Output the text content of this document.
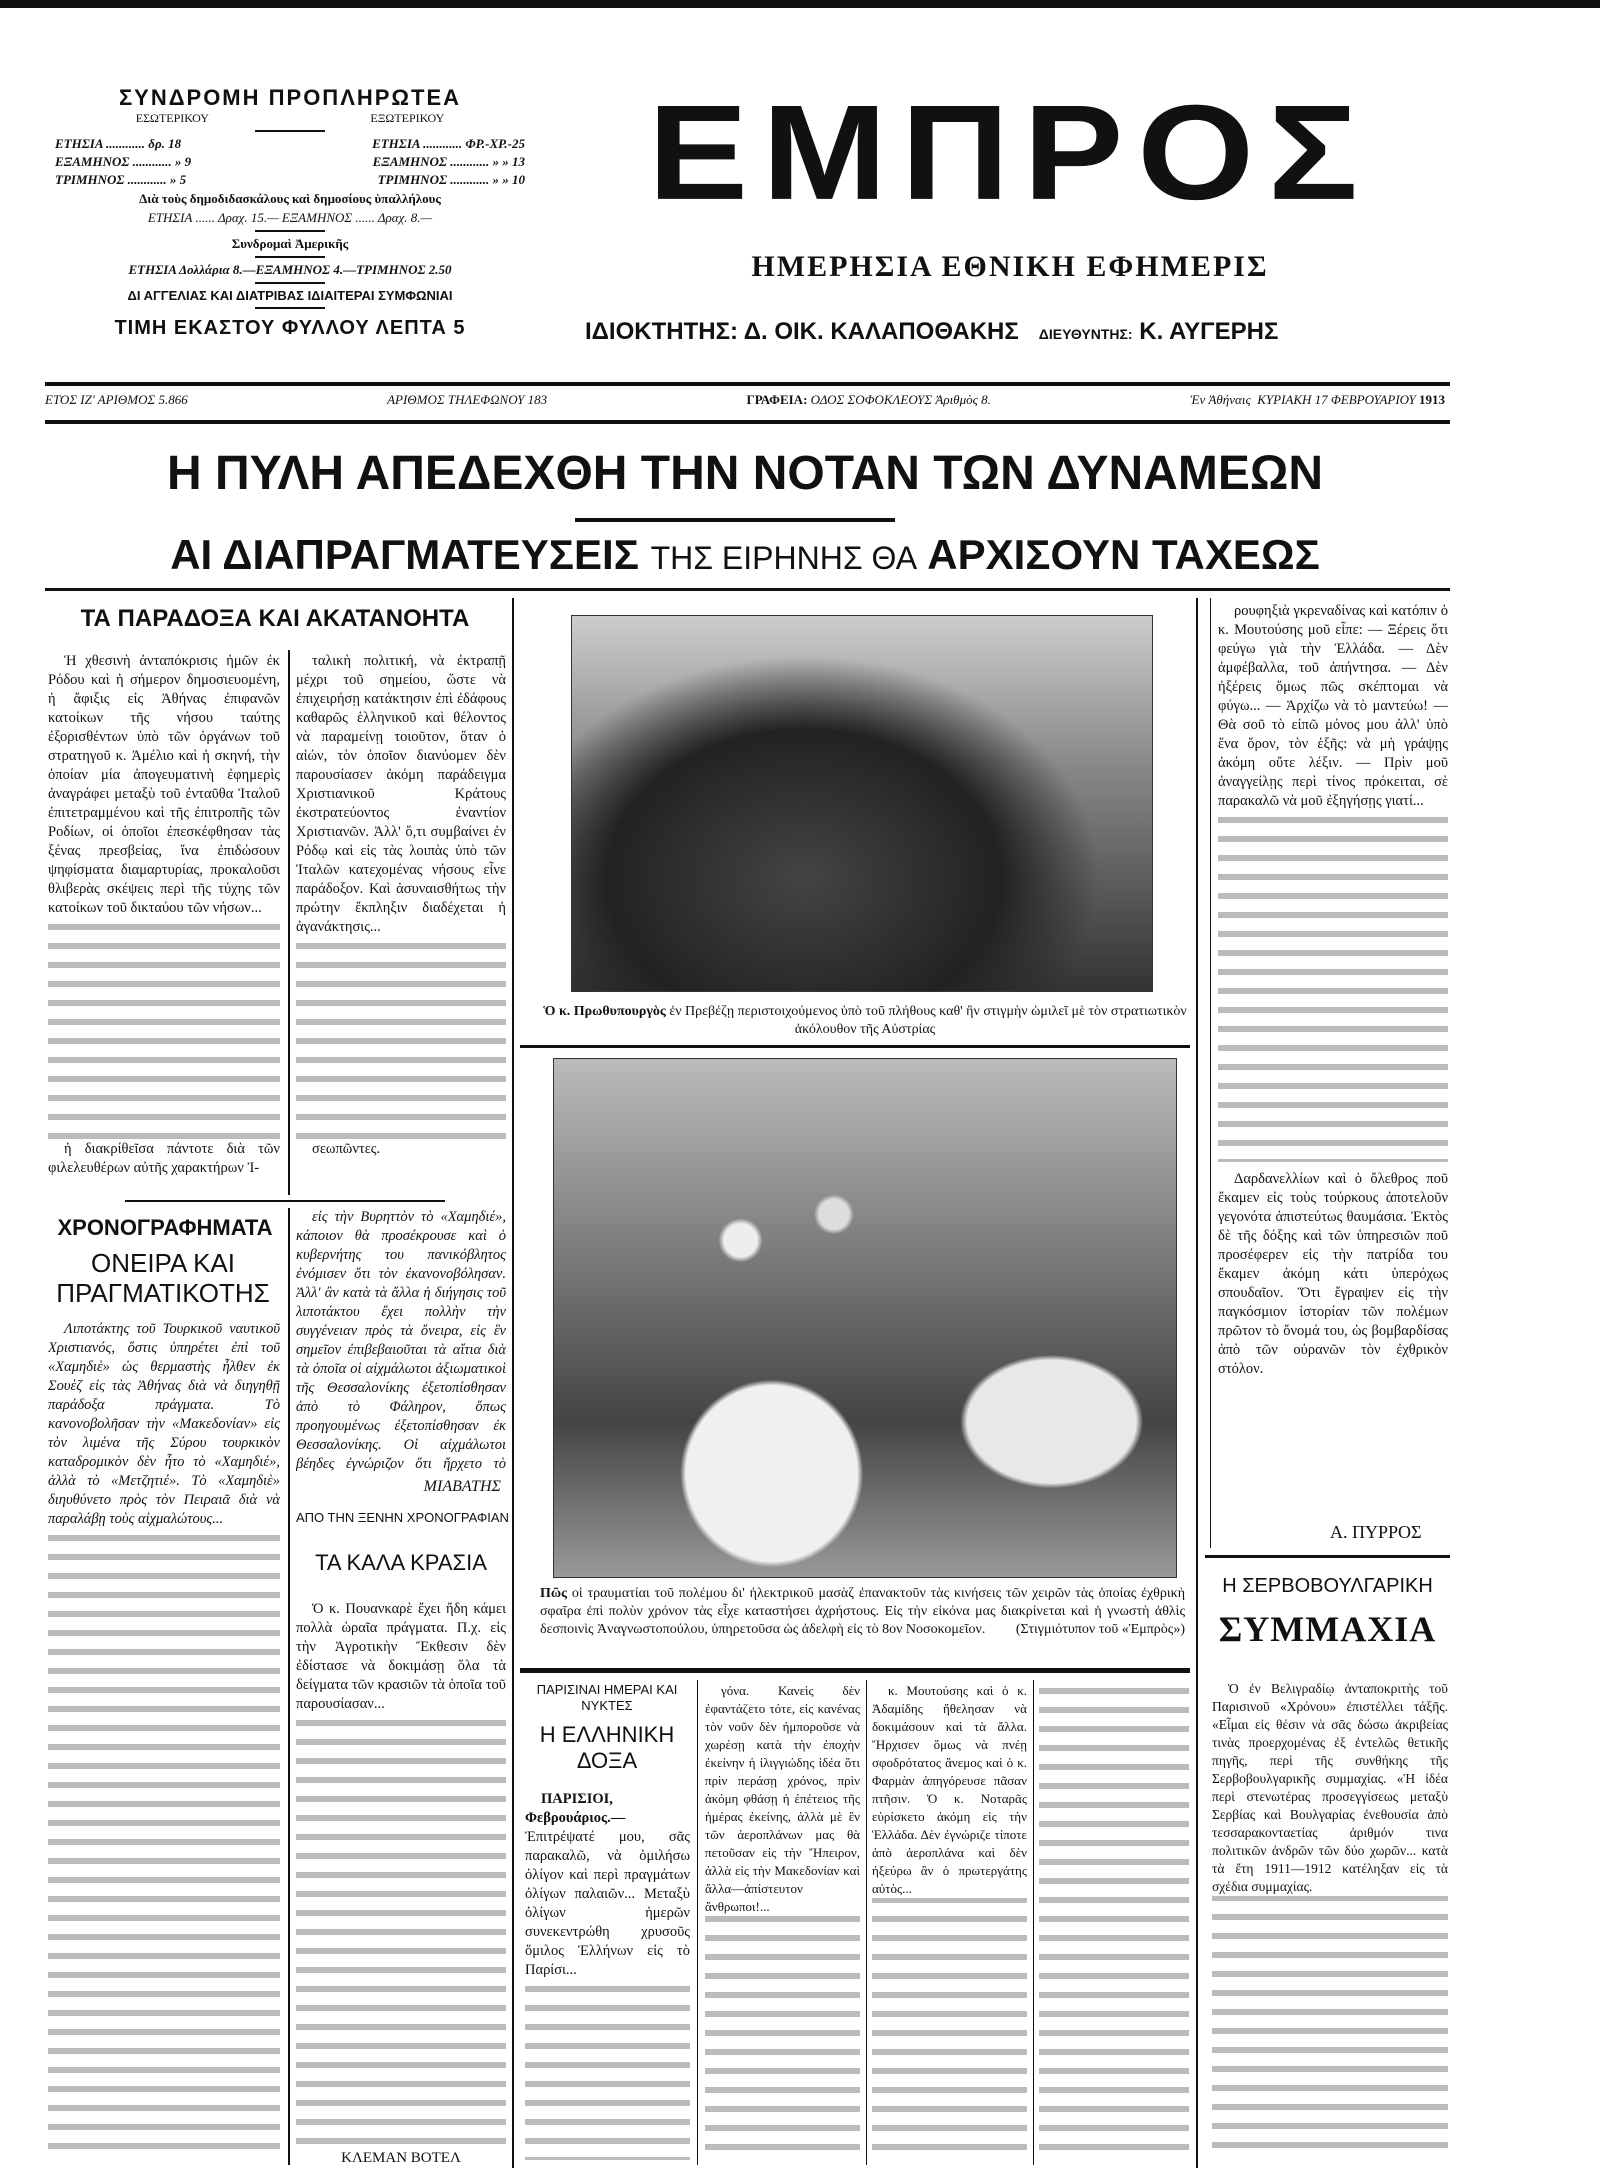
ΣΥΝΔΡΟΜΗ ΠΡΟΠΛΗΡΩΤΕΑ
ΕΣΩΤΕΡΙΚΟΥ	ΕΞΩΤΕΡΙΚΟΥ
ΕΤΗΣΙΑ ............ δρ. 18	ΕΤΗΣΙΑ ............ ΦΡ.-ΧΡ.-25
ΕΞΑΜΗΝΟΣ ............ » 9	ΕΞΑΜΗΝΟΣ ............ » » 13
ΤΡΙΜΗΝΟΣ ............ » 5	ΤΡΙΜΗΝΟΣ ............ » » 10
Διὰ τοὺς δημοδιδασκάλους καὶ δημοσίους ὑπαλλήλους
ΕΤΗΣΙΑ ...... Δραχ. 15.— ΕΞΑΜΗΝΟΣ ...... Δραχ. 8.—
Συνδρομαὶ Ἀμερικῆς
ΕΤΗΣΙΑ Δολλάρια 8.—ΕΞΑΜΗΝΟΣ 4.—ΤΡΙΜΗΝΟΣ 2.50
ΔΙ ΑΓΓΕΛΙΑΣ ΚΑΙ ΔΙΑΤΡΙΒΑΣ ΙΔΙΑΙΤΕΡΑΙ ΣΥΜΦΩΝΙΑΙ
ΤΙΜΗ ΕΚΑΣΤΟΥ ΦΥΛΛΟΥ ΛΕΠΤΑ 5
ΕΜΠΡΟΣ
ΗΜΕΡΗΣΙΑ ΕΘΝΙΚΗ ΕΦΗΜΕΡΙΣ
ΙΔΙΟΚΤΗΤΗΣ: Δ. ΟΙΚ. ΚΑΛΑΠΟΘΑΚΗΣ ΔΙΕΥΘΥΝΤΗΣ: Κ. ΑΥΓΕΡΗΣ
ΕΤΟΣ ΙΖ' ΑΡΙΘΜΟΣ 5.866	ΑΡΙΘΜΟΣ ΤΗΛΕΦΩΝΟΥ 183	ΓΡΑΦΕΙΑ: ΟΔΟΣ ΣΟΦΟΚΛΕΟΥΣ Ἀριθμὸς 8.	Ἐν Ἀθήναις ΚΥΡΙΑΚΗ 17 ΦΕΒΡΟΥΑΡΙΟΥ 1913
Η ΠΥΛΗ ΑΠΕΔΕΧΘΗ ΤΗΝ ΝΟΤΑΝ ΤΩΝ ΔΥΝΑΜΕΩΝ
ΑΙ ΔΙΑΠΡΑΓΜΑΤΕΥΣΕΙΣ ΤΗΣ ΕΙΡΗΝΗΣ ΘΑ ΑΡΧΙΣΟΥΝ ΤΑΧΕΩΣ
ΤΑ ΠΑΡΑΔΟΞΑ ΚΑΙ ΑΚΑΤΑΝΟΗΤΑ

Ἡ χθεσινὴ ἀνταπόκρισις ἡμῶν ἐκ Ρόδου καὶ ἡ σήμερον δημοσιευομένη, ἡ ἄφιξις εἰς Ἀθήνας ἐπιφανῶν κατοίκων τῆς νήσου ταύτης ἐξορισθέντων ὑπὸ τῶν ὀργάνων τοῦ στρατηγοῦ κ. Ἀμέλιο καὶ ἡ σκηνή, τὴν ὁποίαν μία ἀπογευματινὴ ἐφημερὶς ἀναγράφει μεταξὺ τοῦ ἐνταῦθα Ἰταλοῦ ἐπιτετραμμένου καὶ τῆς ἐπιτροπῆς τῶν Ροδίων, οἱ ὁποῖοι ἐπεσκέφθησαν τὰς ξένας πρεσβείας, ἵνα ἐπιδώσουν ψηφίσματα διαμαρτυρίας, προκαλοῦσι θλιβερὰς σκέψεις περὶ τῆς τύχης τῶν κατοίκων τοῦ δικταύου τῶν νήσων...

ταλικὴ πολιτική, νὰ ἐκτραπῇ μέχρι τοῦ σημείου, ὥστε νὰ ἐπιχειρήσῃ κατάκτησιν ἐπὶ ἐδάφους καθαρῶς ἑλληνικοῦ καὶ θέλοντος νὰ παραμείνῃ τοιοῦτον, ὅταν ὁ αἰών, τὸν ὁποῖον διανύομεν δὲν παρουσίασεν ἀκόμη παράδειγμα Χριστιανικοῦ Κράτους ἐκστρατεύοντος ἐναντίον Χριστιανῶν. Ἀλλ' ὅ,τι συμβαίνει ἐν Ρόδῳ καὶ εἰς τὰς λοιπὰς ὑπὸ τῶν Ἰταλῶν κατεχομένας νήσους εἶνε παράδοξον. Καὶ ἀσυναισθήτως τὴν πρώτην ἔκπληξιν διαδέχεται ἡ ἀγανάκτησις...

ἡ διακρίθεῖσα πάντοτε διὰ τῶν φιλελευθέρων αὐτῆς χαρακτήρων Ἰ-

σεωπῶντες.

ΧΡΟΝΟΓΡΑΦΗΜΑΤΑ
ΟΝΕΙΡΑ ΚΑΙ ΠΡΑΓΜΑΤΙΚΟΤΗΣ

Λιποτάκτης τοῦ Τουρκικοῦ ναυτικοῦ Χριστιανός, ὅστις ὑπηρέτει ἐπὶ τοῦ «Χαμηδιὲ» ὡς θερμαστὴς ἦλθεν ἐκ Σουὲζ εἰς τὰς Ἀθήνας διὰ νὰ διηγηθῇ παράδοξα πράγματα. Τὸ κανονοβολῆσαν τὴν «Μακεδονίαν» εἰς τὸν λιμένα τῆς Σύρου τουρκικὸν καταδρομικὸν δὲν ἦτο τὸ «Χαμηδιέ», ἀλλὰ τὸ «Μετζητιέ». Τὸ «Χαμηδιὲ» διηυθύνετο πρὸς τὸν Πειραιᾶ διὰ νὰ παραλάβῃ τοὺς αἰχμαλώτους...

εἰς τὴν Βυρηττὸν τὸ «Χαμηδιέ», κάποιον θὰ προσέκρουσε καὶ ὁ κυβερνήτης του πανικόβλητος ἐνόμισεν ὅτι τὸν ἐκανονοβόλησαν. Ἀλλ' ἂν κατὰ τὰ ἄλλα ἡ διήγησις τοῦ λιποτάκτου ἔχει πολλὴν τὴν συγγένειαν πρὸς τὰ ὄνειρα, εἰς ἓν σημεῖον ἐπιβεβαιοῦται τὰ αἴτια διὰ τὰ ὁποῖα οἱ αἰχμάλωτοι ἀξιωματικοὶ τῆς Θεσσαλονίκης ἐξετοπίσθησαν ἀπὸ τὸ Φάληρον, ὅπως προηγουμένως ἐξετοπίσθησαν ἐκ Θεσσαλονίκης. Οἱ αἰχμάλωτοι βέηδες ἐγνώριζον ὅτι ἤρχετο τὸ

ΜΙΑΒΑΤΗΣ
ΑΠΟ ΤΗΝ ΞΕΝΗΝ ΧΡΟΝΟΓΡΑΦΙΑΝ
ΤΑ ΚΑΛΑ ΚΡΑΣΙΑ

Ὁ κ. Πουανκαρὲ ἔχει ἤδη κάμει πολλὰ ὡραῖα πράγματα. Π.χ. εἰς τὴν Ἀγροτικὴν Ἔκθεσιν δὲν ἐδίστασε νὰ δοκιμάσῃ ὅλα τὰ δείγματα τῶν κρασιῶν τὰ ὁποῖα τοῦ παρουσίασαν...

ΚΛΕΜΑΝ ΒΟΤΕΛ
Ὁ κ. Πρωθυπουργὸς ἐν Πρεβέζῃ περιστοιχούμενος ὑπὸ τοῦ πλήθους καθ' ἣν στιγμὴν ὡμιλεῖ μὲ τὸν στρατιωτικὸν ἀκόλουθον τῆς Αὐστρίας
Πῶς οἱ τραυματίαι τοῦ πολέμου δι' ἠλεκτρικοῦ μασὰζ ἐπανακτοῦν τὰς κινήσεις τῶν χειρῶν τὰς ὁποίας ἐχθρικὴ σφαῖρα ἐπὶ πολὺν χρόνον τὰς εἶχε καταστήσει ἀχρήστους. Εἰς τὴν εἰκόνα μας διακρίνεται καὶ ἡ γνωστὴ ἀθλὶς δεσποινὶς Ἀναγνωστοπούλου, ὑπηρετοῦσα ὡς ἀδελφὴ εἰς τὸ 8ον Νοσοκομεῖον. (Στιγμιότυπον τοῦ «Ἐμπρὸς»)
ΠΑΡΙΣΙΝΑΙ ΗΜΕΡΑΙ ΚΑΙ ΝΥΚΤΕΣ
Η ΕΛΛΗΝΙΚΗ ΔΟΞΑ

ΠΑΡΙΣΙΟΙ, Φεβρουάριος.— Ἐπιτρέψατέ μου, σᾶς παρακαλῶ, νὰ ὁμιλήσω ὀλίγον καὶ περὶ πραγμάτων ὀλίγων παλαιῶν... Μεταξὺ ὀλίγων ἡμερῶν συνεκεντρώθη χρυσοῦς ὅμιλος Ἑλλήνων εἰς τὸ Παρίσι...

γόνα. Κανεὶς δὲν ἐφαντάζετο τότε, εἰς κανένας τὸν νοῦν δὲν ἠμποροῦσε νὰ χωρέσῃ κατὰ τὴν ἐποχὴν ἐκείνην ἡ ἰλιγγιώδης ἰδέα ὅτι πρὶν περάσῃ χρόνος, πρὶν ἀκόμη φθάσῃ ἡ ἐπέτειος τῆς ἡμέρας ἐκείνης, ἀλλὰ μὲ ἓν τῶν ἀεροπλάνων μας θὰ πετοῦσαν εἰς τὴν Ἤπειρον, ἀλλὰ εἰς τὴν Μακεδονίαν καὶ ἄλλα—ἀπίστευτον ἄνθρωποι!...

κ. Μουτούσης καὶ ὁ κ. Ἀδαμίδης ἤθελησαν νὰ δοκιμάσουν καὶ τὰ ἄλλα. Ἤρχισεν ὅμως νὰ πνέῃ σφοδρότατος ἄνεμος καὶ ὁ κ. Φαρμὰν ἀπηγόρευσε πᾶσαν πτῆσιν. Ὁ κ. Νοταρᾶς εὑρίσκετο ἀκόμη εἰς τὴν Ἑλλάδα. Δὲν ἐγνώριζε τίποτε ἀπὸ ἀεροπλάνα καὶ δὲν ἠξεύρω ἂν ὁ πρωτεργάτης αὐτὸς...

ρουφηξιὰ γκρεναδίνας καὶ κατόπιν ὁ κ. Μουτούσης μοῦ εἶπε: — Ξέρεις ὅτι φεύγω γιὰ τὴν Ἑλλάδα. — Δὲν ἀμφέβαλλα, τοῦ ἀπήντησα. — Δὲν ἠξέρεις ὅμως πῶς σκέπτομαι νὰ φύγω... — Ἀρχίζω νὰ τὸ μαντεύω! — Θὰ σοῦ τὸ εἰπῶ μόνος μου ἀλλ' ὑπὸ ἕνα ὅρον, τὸν ἑξῆς: νὰ μὴ γράψῃς ἀκόμη οὔτε λέξιν. — Πρὶν μοῦ ἀναγγείλῃς περὶ τίνος πρόκειται, σὲ παρακαλῶ νὰ μοῦ ἐξηγήσῃς γιατί...

Δαρδανελλίων καὶ ὁ ὄλεθρος ποῦ ἔκαμεν εἰς τοὺς τούρκους ἀποτελοῦν γεγονότα ἀπιστεύτως θαυμάσια. Ἐκτὸς δὲ τῆς δόξης καὶ τῶν ὑπηρεσιῶν ποῦ προσέφερεν εἰς τὴν πατρίδα του ἔκαμεν ἀκόμη κάτι ὑπερόχως σπουδαῖον. Ὅτι ἔγραψεν εἰς τὴν παγκόσμιον ἱστορίαν τῶν πολέμων πρῶτον τὸ ὄνομά του, ὡς βομβαρδίσας ἀπὸ τῶν οὐρανῶν τὸν ἐχθρικὸν στόλον.

Α. ΠΥΡΡΟΣ
Η ΣΕΡΒΟΒΟΥΛΓΑΡΙΚΗ
ΣΥΜΜΑΧΙΑ

Ὁ ἐν Βελιγραδίῳ ἀνταποκριτὴς τοῦ Παρισινοῦ «Χρόνου» ἐπιστέλλει τάξῆς. «Εἶμαι εἰς θέσιν νὰ σᾶς δώσω ἀκριβείας τινὰς προερχομένας ἐξ ἐντελῶς θετικῆς πηγῆς, περὶ τῆς συνθήκης τῆς Σερβοβουλγαρικῆς συμμαχίας. «Ἡ ἰδέα περὶ στενωτέρας προσεγγίσεως μεταξὺ Σερβίας καὶ Βουλγαρίας ἐνεθουσία ἀπὸ τεσσαρακονταετίας ἀριθμόν τινα πολιτικῶν ἀνδρῶν τῶν δύο χωρῶν... κατὰ τὰ ἔτη 1911—1912 κατέληξαν εἰς τὰ σχέδια συμμαχίας.
